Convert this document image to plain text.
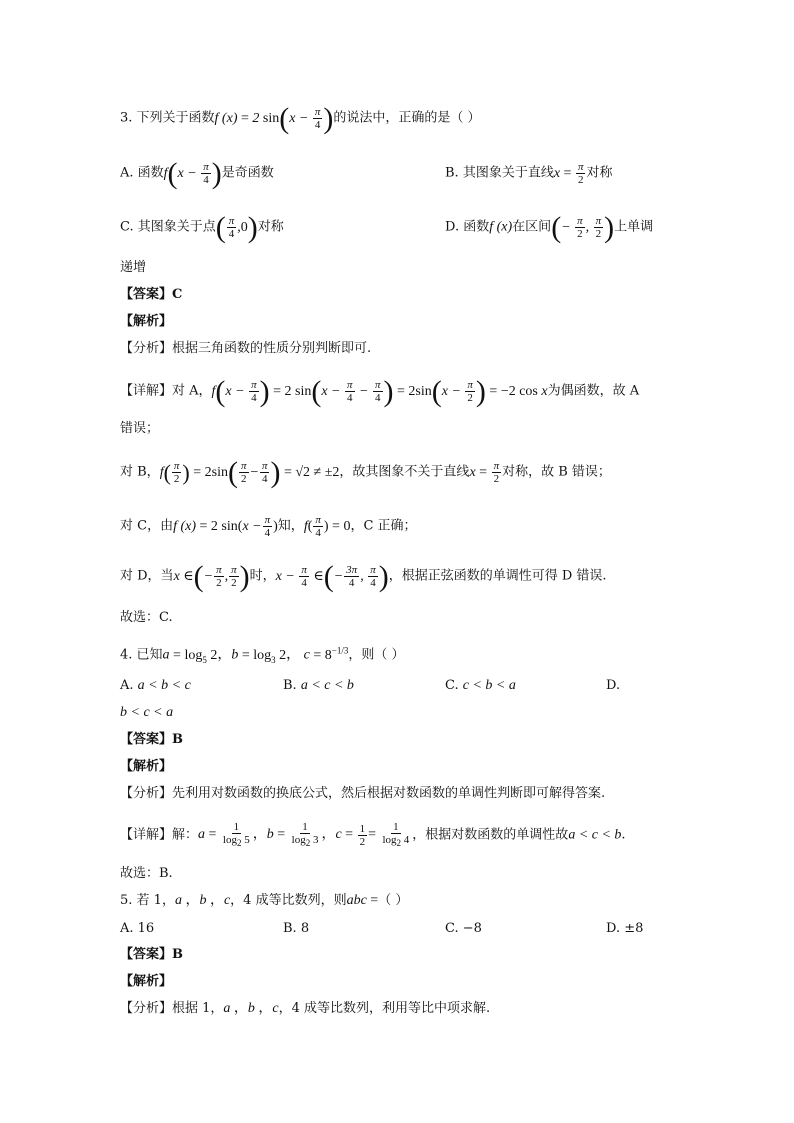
3. 下列关于函数f (x) = 2 $\sin(x - \frac{\pi}{4}$ )的说法中，正确的是（ ）
A. 函数$f(x - \frac{\pi}{4}$ )是奇函数	B. 其图象关于直线$x = \frac{\pi}{2}$ 对称
C. 其图象关于点( $\frac{\pi}{4} ,0$)对称	D. 函数f (x)在区间(− $\frac{\pi}{2}$ , $\frac{\pi}{2}$ )上单调
递增
【答案】C
【解析】
【分析】根据三角函数的性质分别判断即可.
【详解】对 A，$f(x - \frac{\pi}{4}$ ) = 2 $\sin(x - \frac{\pi}{4} - \frac{\pi}{4}$ ) = $2\sin(x - \frac{\pi}{2}$ ) = −2 cos x为偶函数，故 A
错误；
对 B，$f( \frac{\pi}{2}$ ) = $2\sin( \frac{\pi}{2} - \frac{\pi}{4}$ ) = √2 ≠ ±2，故其图象不关于直线$x = \frac{\pi}{2}$ 对称，故 B 错误；
对 C，由f (x) = 2 $\sin(x - \frac{\pi}{4}$ )知，$f( \frac{\pi}{4}$ ) = 0，C 正确；
对 D，当x ∈(− $\frac{\pi}{2}$ , $\frac{\pi}{2}$ )时，$x - \frac{\pi}{4}$ ∈(− $\frac{3\pi}{4}$ , $\frac{\pi}{4}$ )，根据正弦函数的单调性可得 D 错误.
故选：C.
4. 已知$a = \log_5 2$，$b = \log_3 2$， $c = 8^{-1/3}$，则（ ）
A. a < b < c	B. a < c < b	C. c < b < a	D.
b < c < a
【答案】B
【解析】
【分析】先利用对数函数的换底公式，然后根据对数函数的单调性判断即可解得答案.
【详解】解：$a = \frac{1}{\log_2 5}$ ，$b = \frac{1}{\log_2 3}$ ，$c = \frac{1}{2} = \frac{1}{\log_2 4}$ ，根据对数函数的单调性故a < c < b.
故选：B.
5. 若 1，a ，b ，c，4 成等比数列，则abc =（ ）
A. 16	B. 8	C. −8	D. ±8
【答案】B
【解析】
【分析】根据 1，a ，b ，c，4 成等比数列，利用等比中项求解.
